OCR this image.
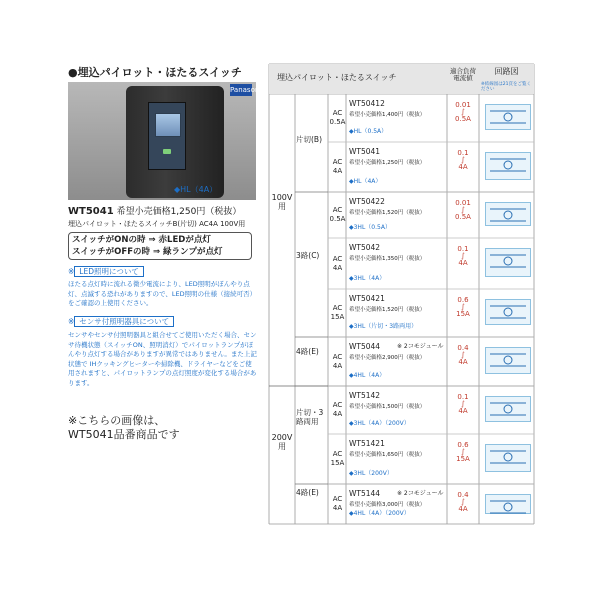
●埋込パイロット・ほたるスイッチ
Panasonic
◆HL（4A）
WT5041 希望小売価格1,250円（税抜）
埋込パイロット・ほたるスイッチB(片切) AC4A 100V用
スイッチがONの時 ⇒ 赤LEDが点灯
スイッチがOFFの時 ⇒ 緑ランプが点灯
※ LED照明について
ほたる点灯時に流れる微少電流により、LED照明がぼんやり点灯、点滅する恐れがありますので、LED照明の仕様（接続可否）をご確認の上使用ください。
※ センサ付照明器具について
センサやセンサ付照明器具と組合せてご使用いただく場合、センサ待機状態（スイッチON、照明消灯）でパイロットランプがぼんやり点灯する場合がありますが異常ではありません。また上記状態で IHクッキングヒーターや掃除機、ドライヤーなどをご使用されますと、パイロットランプの点灯照度が変化する場合があります。
※こちらの画像は、
WT5041品番商品です
埋込パイロット・ほたるスイッチ
適合負荷電流値
回路図
※結線図は21頁をご覧ください
100V用
200V用
片切(B)
3路(C)
4路(E)
片切・3路両用
4路(E)
AC 0.5A
WT50412
希望小売価格1,400円（税抜）
◆HL（0.5A）
0.01
∫
0.5A
AC 4A
WT5041
希望小売価格1,250円（税抜）
◆HL（4A）
0.1
∫
4A
AC 0.5A
WT50422
希望小売価格1,520円（税抜）
◆3HL（0.5A）
0.01
∫
0.5A
AC 4A
WT5042
希望小売価格1,350円（税抜）
◆3HL（4A）
0.1
∫
4A
AC 15A
WT50421
希望小売価格1,520円（税抜）
◆3HL（片切・3路両用）
0.6
∫
15A
AC 4A
WT5044
希望小売価格2,900円（税抜）
◆4HL（4A）
※ 2コモジュール	0.4
∫
4A
AC 4A
WT5142
希望小売価格1,500円（税抜）
◆3HL（4A）（200V）
0.1
∫
4A
AC 15A
WT51421
希望小売価格1,650円（税抜）
◆3HL（200V）
0.6
∫
15A
AC 4A
WT5144
希望小売価格3,000円（税抜）
◆4HL（4A）（200V）
※ 2コモジュール	0.4
∫
4A
